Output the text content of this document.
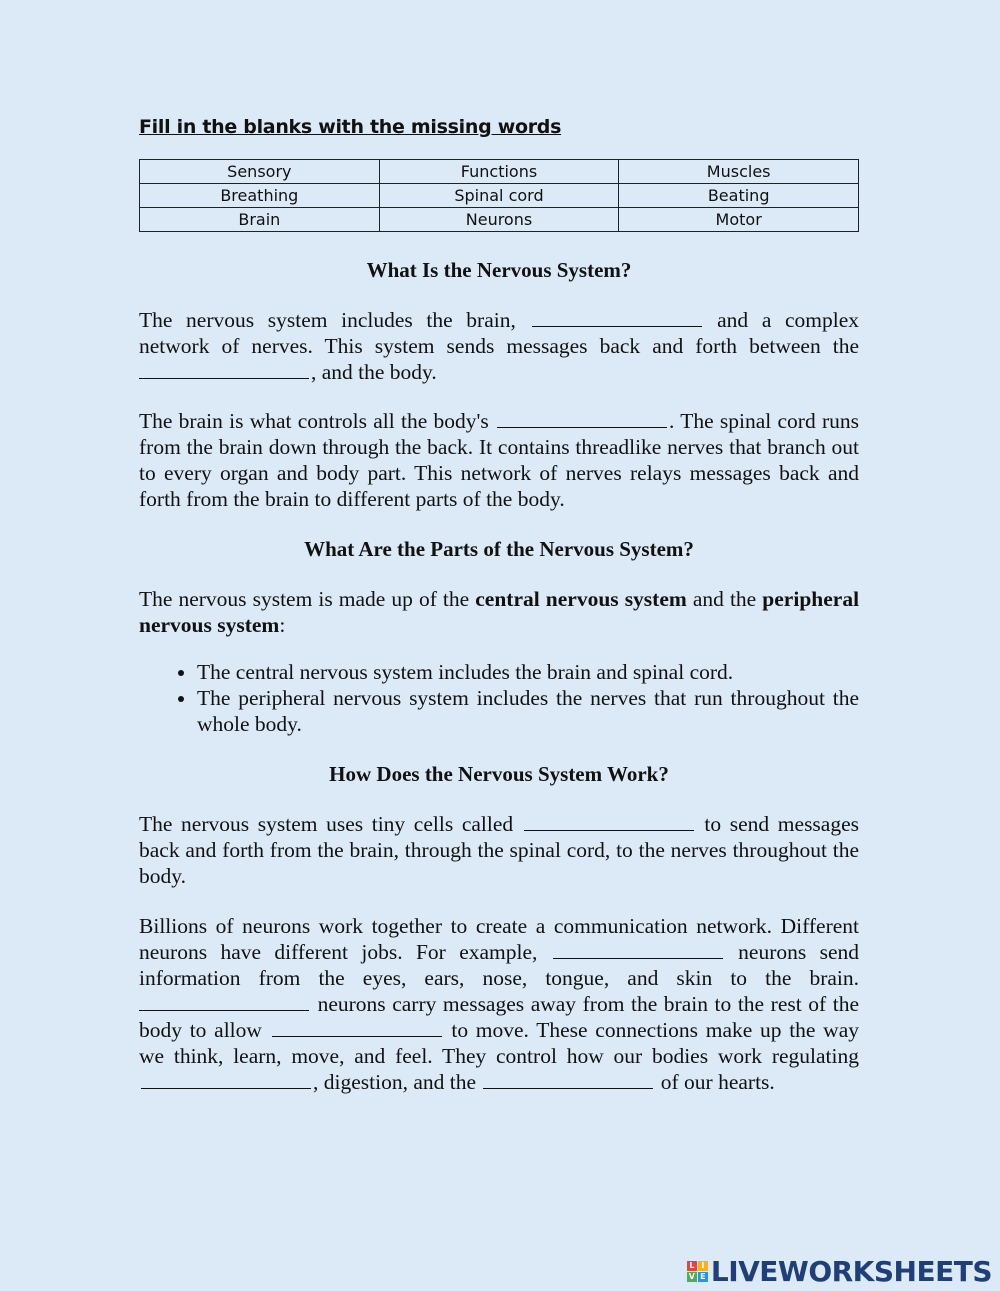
Fill in the blanks with the missing words
Sensory	Functions	Muscles
Breathing	Spinal cord	Beating
Brain	Neurons	Motor
What Is the Nervous System?

The nervous system includes the brain,	and a complex network of nerves. This system sends messages back and forth between the , and the body.

The brain is what controls all the body's	. The spinal cord runs from the brain down through the back. It contains threadlike nerves that branch out to every organ and body part. This network of nerves relays messages back and forth from the brain to different parts of the body.

What Are the Parts of the Nervous System?

The nervous system is made up of the central nervous system and the peripheral nervous system:

• The central nervous system includes the brain and spinal cord.
• The peripheral nervous system includes the nerves that run throughout the whole body.
How Does the Nervous System Work?

The nervous system uses tiny cells called	to send messages back and forth from the brain, through the spinal cord, to the nerves throughout the body.

Billions of neurons work together to create a communication network. Different neurons have different jobs. For example,	neurons send information from the eyes, ears, nose, tongue, and skin to the brain.  neurons carry messages away from the brain to the rest of the body to allow	to move. These connections make up the way we think, learn, move, and feel. They control how our bodies work regulating , digestion, and the	of our hearts.

L I
V E LIVEWORKSHEETS
